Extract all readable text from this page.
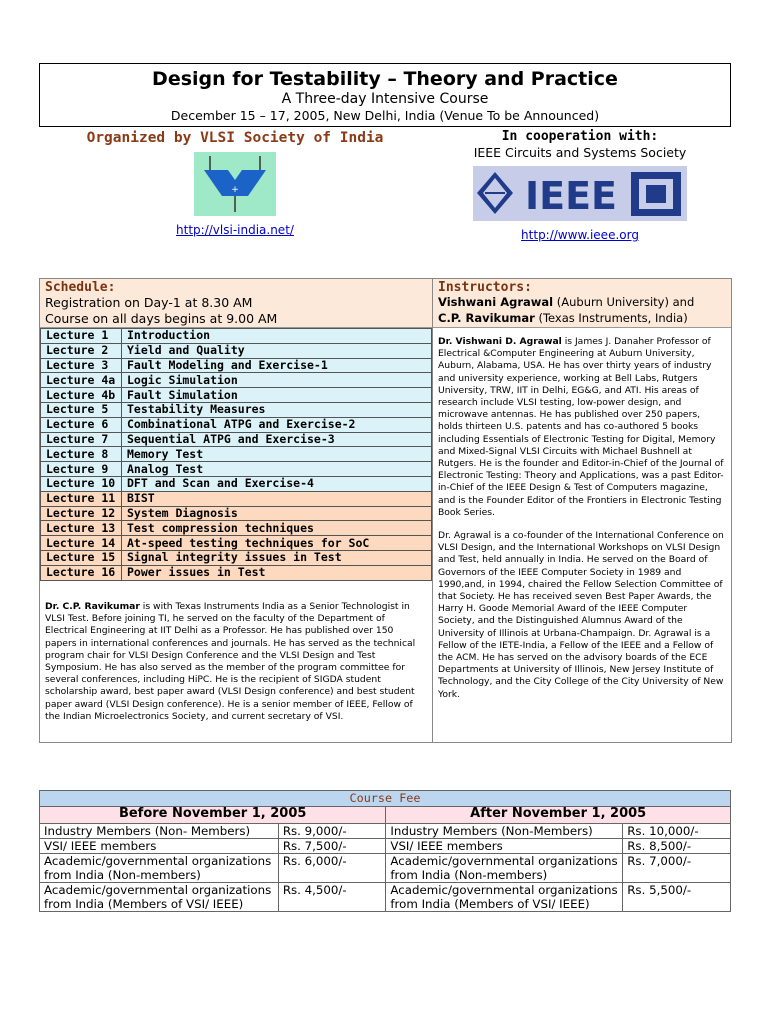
Design for Testability – Theory and Practice
A Three-day Intensive Course
December 15 – 17, 2005, New Delhi, India (Venue To be Announced)
Organized by VLSI Society of India
+
http://vlsi-india.net/
In cooperation with:
IEEE Circuits and Systems Society
IEEE
http://www.ieee.org
Schedule:
Registration on Day-1 at 8.30 AM
Course on all days begins at 9.00 AM
Lecture 1	Introduction
Lecture 2	Yield and Quality
Lecture 3	Fault Modeling and Exercise-1
Lecture 4a	Logic Simulation
Lecture 4b	Fault Simulation
Lecture 5	Testability Measures
Lecture 6	Combinational ATPG and Exercise-2
Lecture 7	Sequential ATPG and Exercise-3
Lecture 8	Memory Test
Lecture 9	Analog Test
Lecture 10	DFT and Scan and Exercise-4
Lecture 11	BIST
Lecture 12	System Diagnosis
Lecture 13	Test compression techniques
Lecture 14	At-speed testing techniques for SoC
Lecture 15	Signal integrity issues in Test
Lecture 16	Power issues in Test
Dr. C.P. Ravikumar is with Texas Instruments India as a Senior Technologist in VLSI Test. Before joining TI, he served on the faculty of the Department of Electrical Engineering at IIT Delhi as a Professor. He has published over 150 papers in international conferences and journals. He has served as the technical program chair for VLSI Design Conference and the VLSI Design and Test Symposium. He has also served as the member of the program committee for several conferences, including HiPC. He is the recipient of SIGDA student scholarship award, best paper award (VLSI Design conference) and best student paper award (VLSI Design conference). He is a senior member of IEEE, Fellow of the Indian Microelectronics Society, and current secretary of VSI.
Instructors:
Vishwani Agrawal (Auburn University) and
C.P. Ravikumar (Texas Instruments, India)

Dr. Vishwani D. Agrawal is James J. Danaher Professor of Electrical &Computer Engineering at Auburn University, Auburn, Alabama, USA. He has over thirty years of industry and university experience, working at Bell Labs, Rutgers University, TRW, IIT in Delhi, EG&G, and ATI. His areas of research include VLSI testing, low-power design, and microwave antennas. He has published over 250 papers, holds thirteen U.S. patents and has co-authored 5 books including Essentials of Electronic Testing for Digital, Memory and Mixed-Signal VLSI Circuits with Michael Bushnell at Rutgers. He is the founder and Editor-in-Chief of the Journal of Electronic Testing: Theory and Applications, was a past Editor-in-Chief of the IEEE Design & Test of Computers magazine, and is the Founder Editor of the Frontiers in Electronic Testing Book Series.

Dr. Agrawal is a co-founder of the International Conference on VLSI Design, and the International Workshops on VLSI Design and Test, held annually in India. He served on the Board of Governors of the IEEE Computer Society in 1989 and 1990,and, in 1994, chaired the Fellow Selection Committee of that Society. He has received seven Best Paper Awards, the Harry H. Goode Memorial Award of the IEEE Computer Society, and the Distinguished Alumnus Award of the University of Illinois at Urbana-Champaign. Dr. Agrawal is a Fellow of the IETE-India, a Fellow of the IEEE and a Fellow of the ACM. He has served on the advisory boards of the ECE Departments at University of Illinois, New Jersey Institute of Technology, and the City College of the City University of New York.

Course Fee			
Before November 1, 2005		After November 1, 2005	
Industry Members (Non- Members)	Rs. 9,000/-	Industry Members (Non-Members)	Rs. 10,000/-
VSI/ IEEE members	Rs. 7,500/-	VSI/ IEEE members	Rs. 8,500/-
Academic/governmental organizations from India (Non-members)	Rs. 6,000/-	Academic/governmental organizations from India (Non-members)	Rs. 7,000/-
Academic/governmental organizations from India (Members of VSI/ IEEE)	Rs. 4,500/-	Academic/governmental organizations from India (Members of VSI/ IEEE)	Rs. 5,500/-
